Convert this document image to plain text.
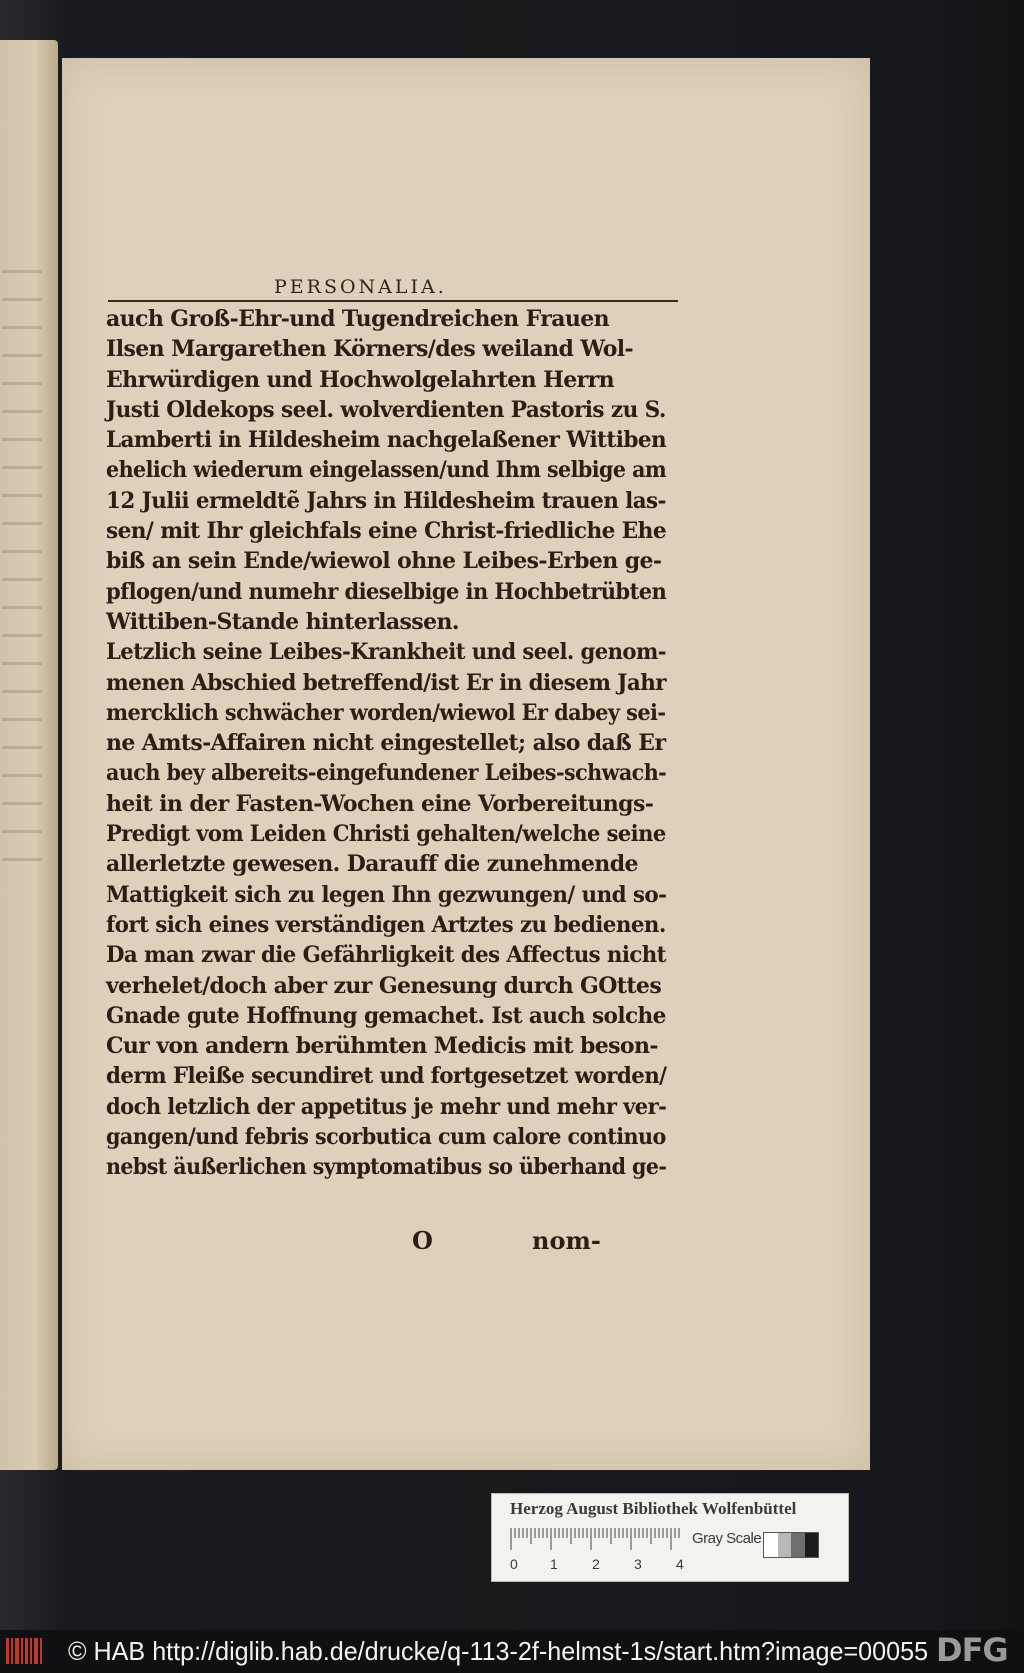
PERSONALIA.
auch Groß-Ehr-und Tugendreichen Frauen
Ilsen Margarethen Körners/des weiland Wol-
Ehrwürdigen und Hochwolgelahrten Herrn
Justi Oldekops seel. wolverdienten Pastoris zu S.
Lamberti in Hildesheim nachgelaßener Wittiben
ehelich wiederum eingelassen/und Ihm selbige am
12 Julii ermeldtẽ Jahrs in Hildesheim trauen las-
sen/ mit Ihr gleichfals eine Christ-friedliche Ehe
biß an sein Ende/wiewol ohne Leibes-Erben ge-
pflogen/und numehr dieselbige in Hochbetrübten
Wittiben-Stande hinterlassen.
Letzlich seine Leibes-Krankheit und seel. genom-
menen Abschied betreffend/ist Er in diesem Jahr
mercklich schwächer worden/wiewol Er dabey sei-
ne Amts-Affairen nicht eingestellet; also daß Er
auch bey albereits-eingefundener Leibes-schwach-
heit in der Fasten-Wochen eine Vorbereitungs-
Predigt vom Leiden Christi gehalten/welche seine
allerletzte gewesen. Darauff die zunehmende
Mattigkeit sich zu legen Ihn gezwungen/ und so-
fort sich eines verständigen Artztes zu bedienen.
Da man zwar die Gefährligkeit des Affectus nicht
verhelet/doch aber zur Genesung durch GOttes
Gnade gute Hoffnung gemachet. Ist auch solche
Cur von andern berühmten Medicis mit beson-
derm Fleiße secundiret und fortgesetzet worden/
doch letzlich der appetitus je mehr und mehr ver-
gangen/und febris scorbutica cum calore continuo
nebst äußerlichen symptomatibus so überhand ge-
O	nom-
Herzog August Bibliothek Wolfenbüttel
0 1 2 3 4
Gray Scale
© HAB http://diglib.hab.de/drucke/q-113-2f-helmst-1s/start.htm?image=00055 DFG
